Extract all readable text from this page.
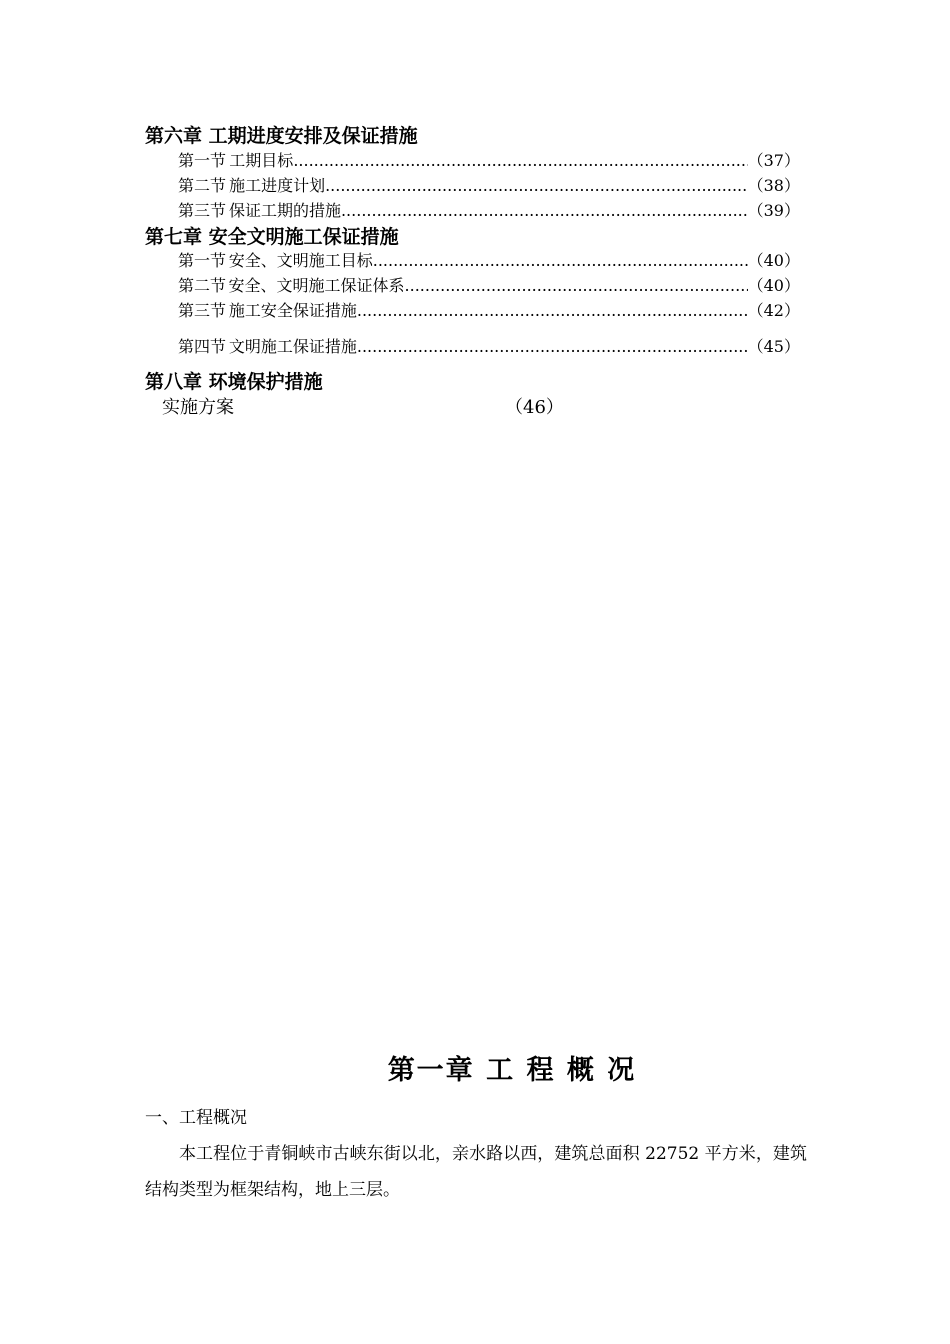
第六章 工期进度安排及保证措施
第一节 工期目标 .....	（37）
第二节 施工进度计划 .....	（38）
第三节 保证工期的措施 .....	（39）
第七章 安全文明施工保证措施
第一节 安全、文明施工目标 .....	（40）
第二节 安全、文明施工保证体系 .....	（40）
第三节 施工安全保证措施 .....	（42）
第四节 文明施工保证措施 .....	（45）
第八章 环境保护措施
实施方案	（46）
第一章 工 程 概 况
一、工程概况
本工程位于青铜峡市古峡东街以北，亲水路以西，建筑总面积 22752 平方米，建筑结构类型为框架结构，地上三层。
